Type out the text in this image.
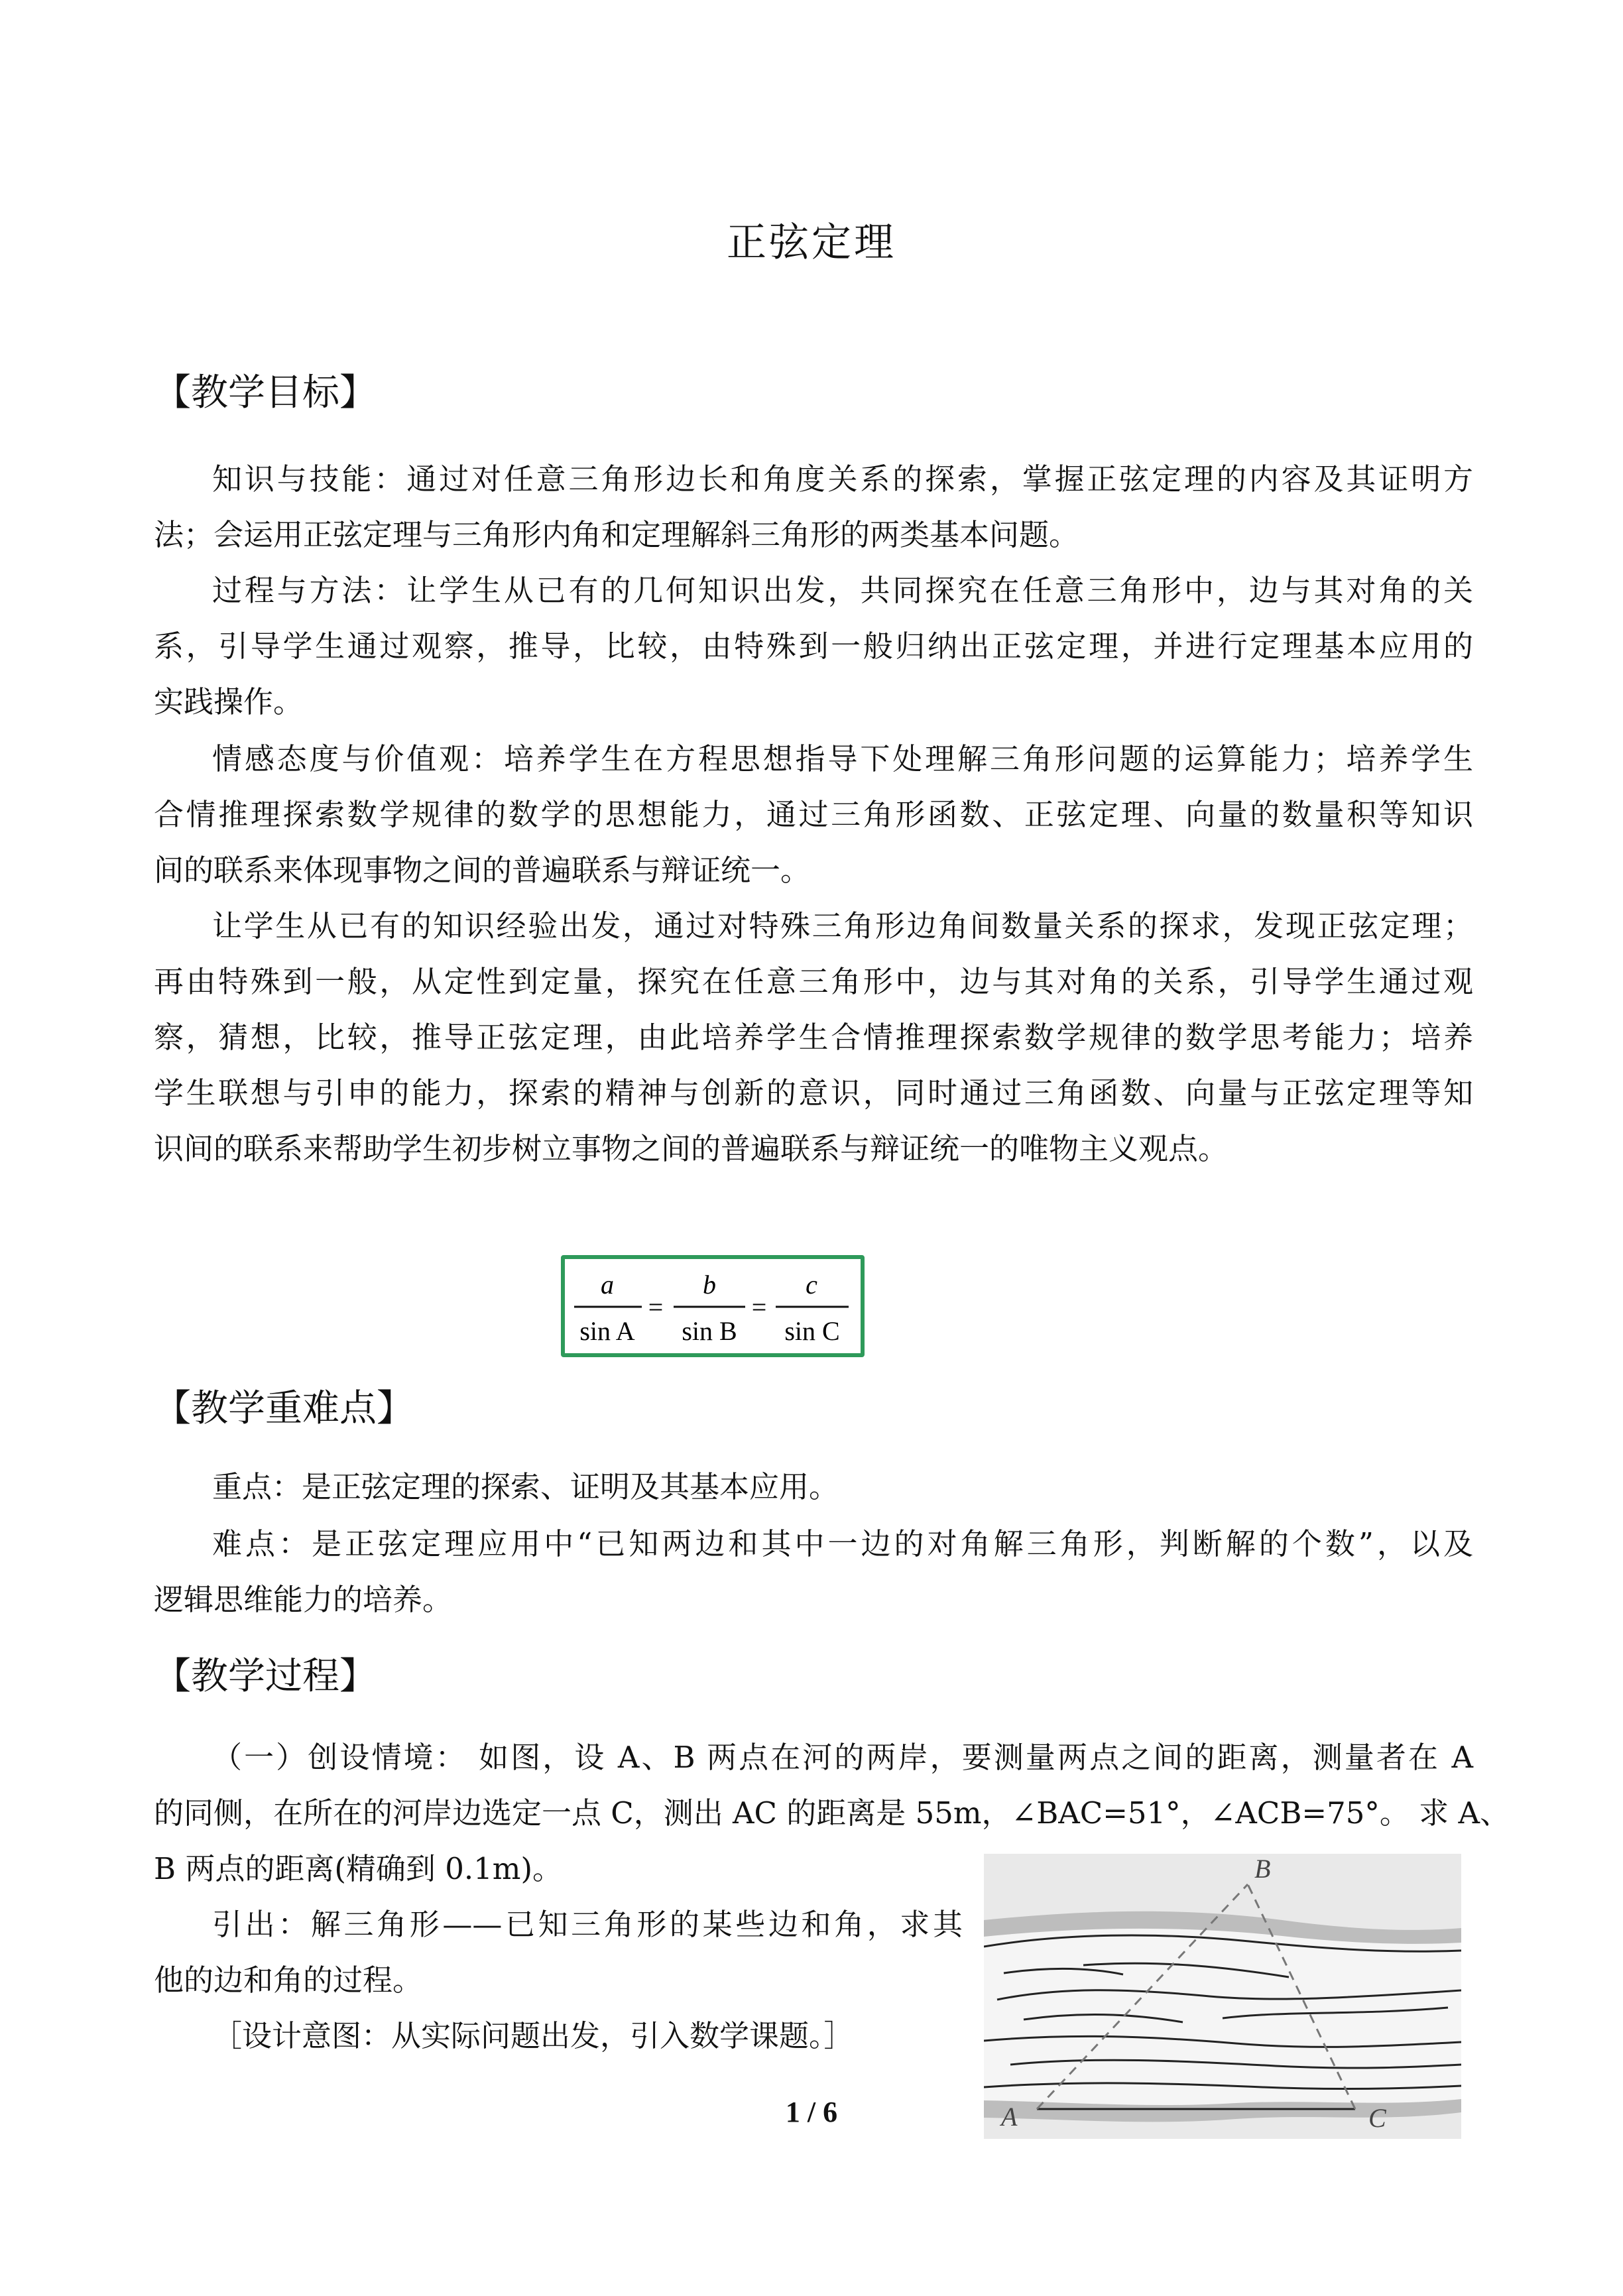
正弦定理
【教学目标】
知识与技能：通过对任意三角形边长和角度关系的探索，掌握正弦定理的内容及其证明方
法；会运用正弦定理与三角形内角和定理解斜三角形的两类基本问题。
过程与方法：让学生从已有的几何知识出发，共同探究在任意三角形中，边与其对角的关
系，引导学生通过观察，推导，比较，由特殊到一般归纳出正弦定理，并进行定理基本应用的
实践操作。
情感态度与价值观：培养学生在方程思想指导下处理解三角形问题的运算能力；培养学生
合情推理探索数学规律的数学的思想能力，通过三角形函数、正弦定理、向量的数量积等知识
间的联系来体现事物之间的普遍联系与辩证统一。
让学生从已有的知识经验出发，通过对特殊三角形边角间数量关系的探求，发现正弦定理；
再由特殊到一般，从定性到定量，探究在任意三角形中，边与其对角的关系，引导学生通过观
察，猜想，比较，推导正弦定理，由此培养学生合情推理探索数学规律的数学思考能力；培养
学生联想与引申的能力，探索的精神与创新的意识，同时通过三角函数、向量与正弦定理等知
识间的联系来帮助学生初步树立事物之间的普遍联系与辩证统一的唯物主义观点。
a
sin A
=
b
sin B
=
c
sin C
【教学重难点】
重点：是正弦定理的探索、证明及其基本应用。
难点：是正弦定理应用中“已知两边和其中一边的对角解三角形，判断解的个数”，以及
逻辑思维能力的培养。
【教学过程】
（一）创设情境： 如图，设 A、B 两点在河的两岸，要测量两点之间的距离，测量者在 A
的同侧，在所在的河岸边选定一点 C，测出 AC 的距离是 55m，∠BAC=51°，∠ACB=75°。 求 A、
B 两点的距离(精确到 0.1m)。
引出：解三角形——已知三角形的某些边和角，求其
他的边和角的过程。
［设计意图：从实际问题出发，引入数学课题。］
B
A	C
1 / 6
